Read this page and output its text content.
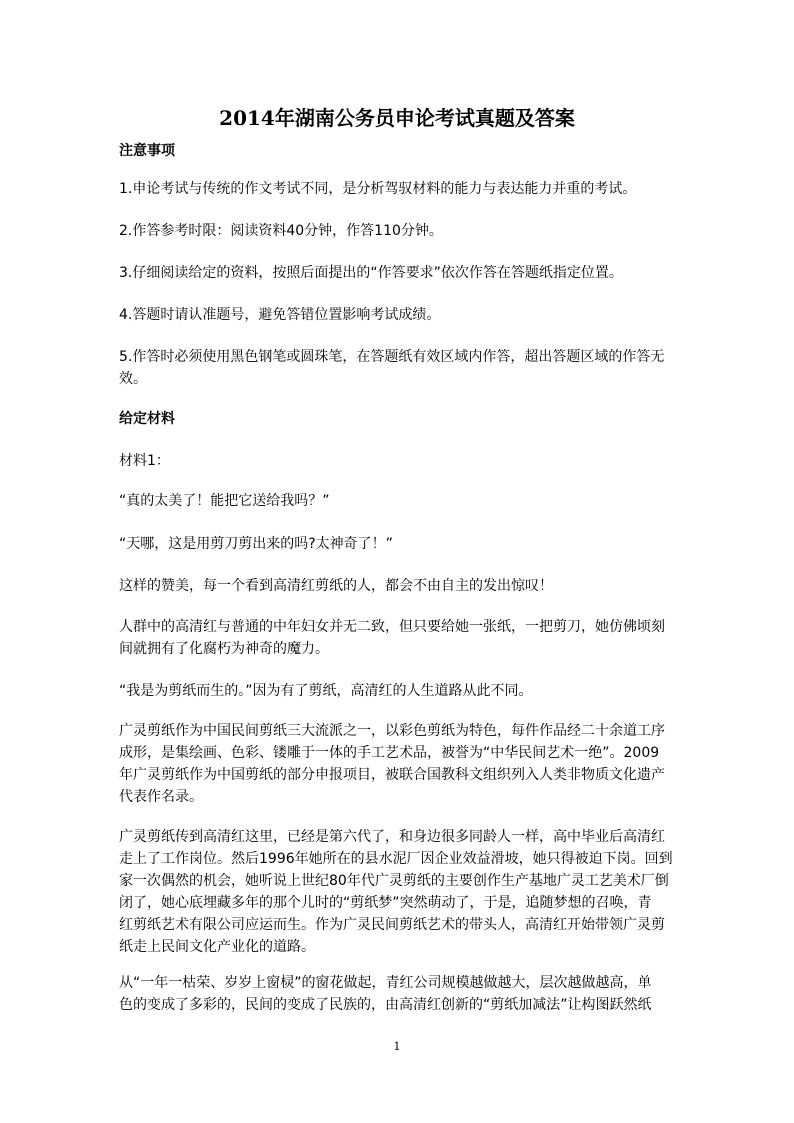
2014年湖南公务员申论考试真题及答案
注意事项
1.申论考试与传统的作文考试不同，是分析驾驭材料的能力与表达能力并重的考试。
2.作答参考时限：阅读资料40分钟，作答110分钟。
3.仔细阅读给定的资料，按照后面提出的“作答要求”依次作答在答题纸指定位置。
4.答题时请认准题号，避免答错位置影响考试成绩。
5.作答时必须使用黑色钢笔或圆珠笔，在答题纸有效区域内作答，超出答题区域的作答无
效。
给定材料
材料1：
“真的太美了！能把它送给我吗？”
“天哪，这是用剪刀剪出来的吗?太神奇了！”
这样的赞美，每一个看到高清红剪纸的人，都会不由自主的发出惊叹！
人群中的高清红与普通的中年妇女并无二致，但只要给她一张纸，一把剪刀，她仿佛顷刻
间就拥有了化腐朽为神奇的魔力。
“我是为剪纸而生的。”因为有了剪纸，高清红的人生道路从此不同。
广灵剪纸作为中国民间剪纸三大流派之一，以彩色剪纸为特色，每件作品经二十余道工序
成形，是集绘画、色彩、镂雕于一体的手工艺术品，被誉为“中华民间艺术一绝”。2009
年广灵剪纸作为中国剪纸的部分申报项目，被联合国教科文组织列入人类非物质文化遗产
代表作名录。
广灵剪纸传到高清红这里，已经是第六代了，和身边很多同龄人一样，高中毕业后高清红
走上了工作岗位。然后1996年她所在的县水泥厂因企业效益滑坡，她只得被迫下岗。回到
家一次偶然的机会，她听说上世纪80年代广灵剪纸的主要创作生产基地广灵工艺美术厂倒
闭了，她心底埋藏多年的那个儿时的“剪纸梦”突然萌动了，于是，追随梦想的召唤，青
红剪纸艺术有限公司应运而生。作为广灵民间剪纸艺术的带头人，高清红开始带领广灵剪
纸走上民间文化产业化的道路。
从“一年一枯荣、岁岁上窗棂”的窗花做起，青红公司规模越做越大，层次越做越高，单
色的变成了多彩的，民间的变成了民族的，由高清红创新的“剪纸加减法”让构图跃然纸
1
